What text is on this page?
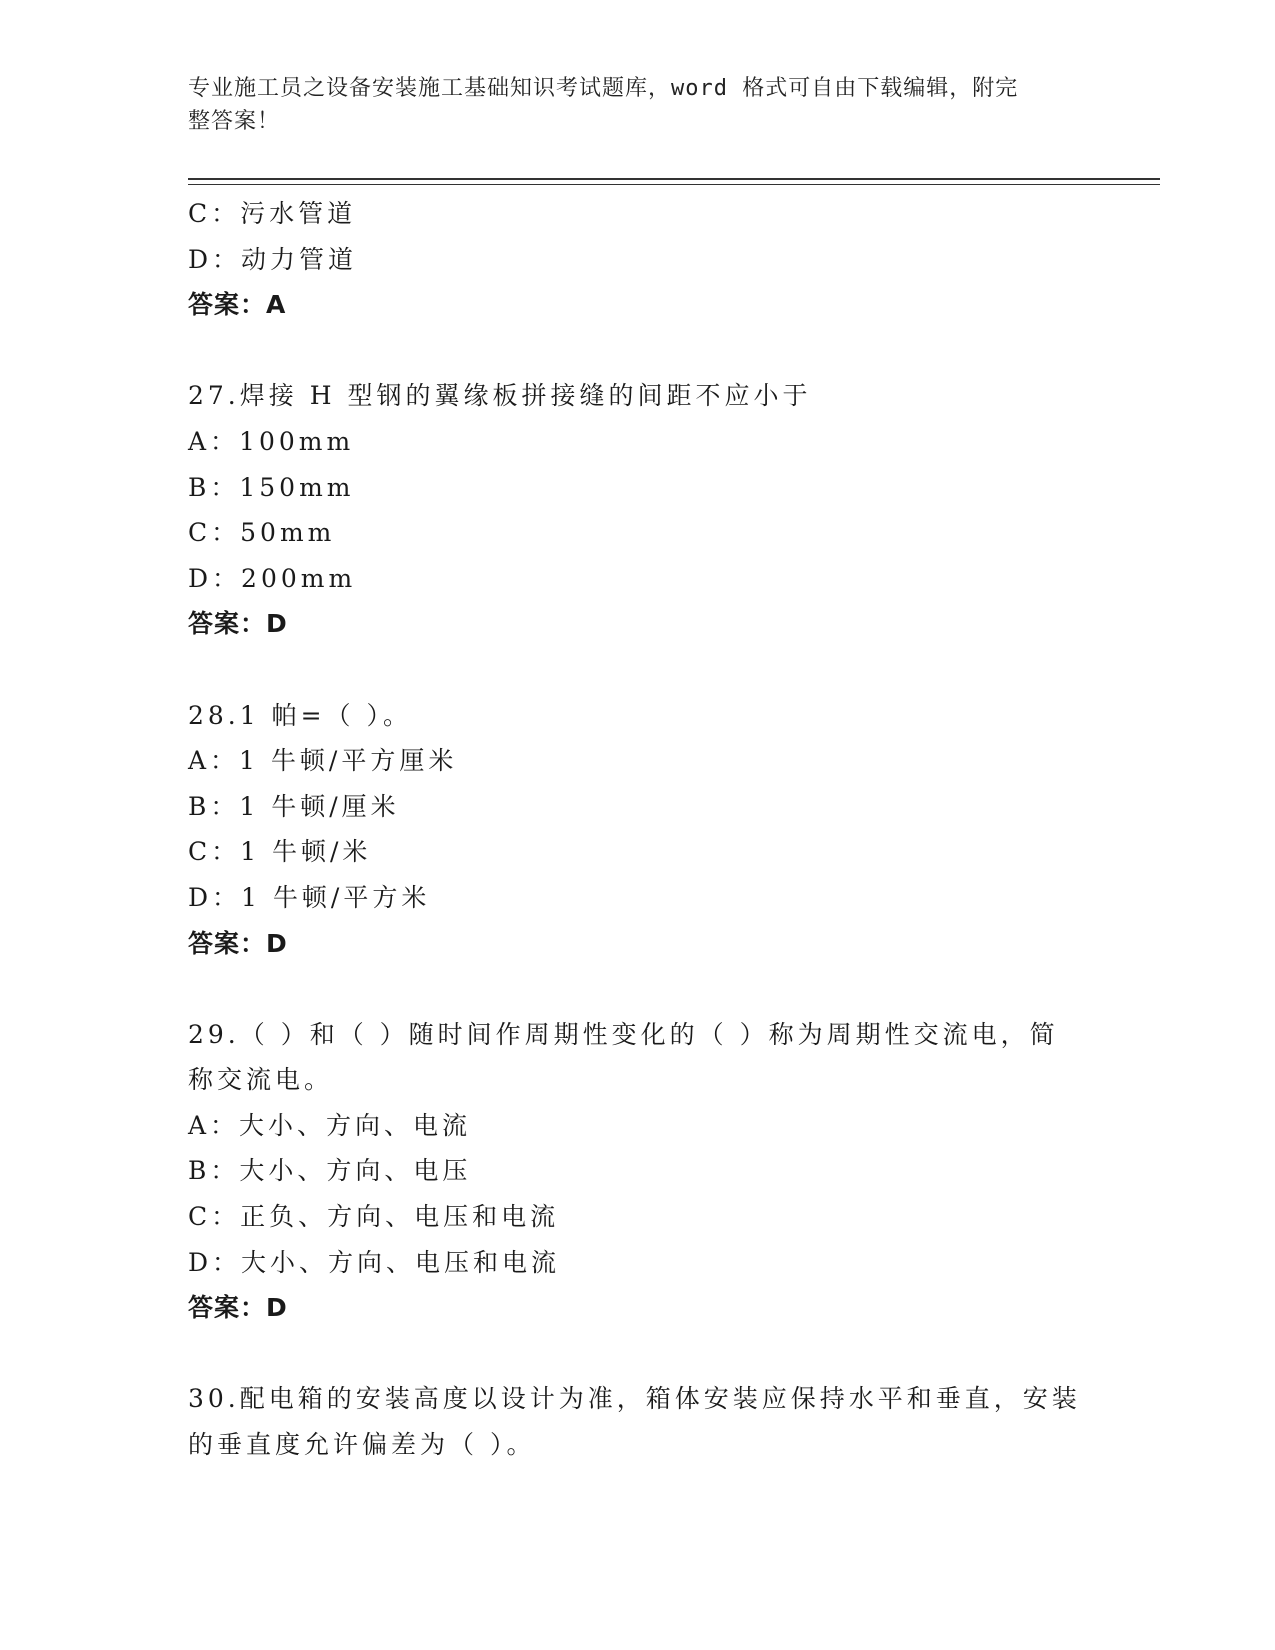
专业施工员之设备安装施工基础知识考试题库，word 格式可自由下载编辑，附完
整答案！
C：污水管道
D：动力管道
答案：A
27.焊接 H 型钢的翼缘板拼接缝的间距不应小于
A：100mm
B：150mm
C：50mm
D：200mm
答案：D
28.1 帕=（ ）。
A：1 牛顿/平方厘米
B：1 牛顿/厘米
C：1 牛顿/米
D：1 牛顿/平方米
答案：D
29.（ ）和（ ）随时间作周期性变化的（ ）称为周期性交流电，简
称交流电。
A：大小、方向、电流
B：大小、方向、电压
C：正负、方向、电压和电流
D：大小、方向、电压和电流
答案：D
30.配电箱的安装高度以设计为准，箱体安装应保持水平和垂直，安装
的垂直度允许偏差为（ ）。
